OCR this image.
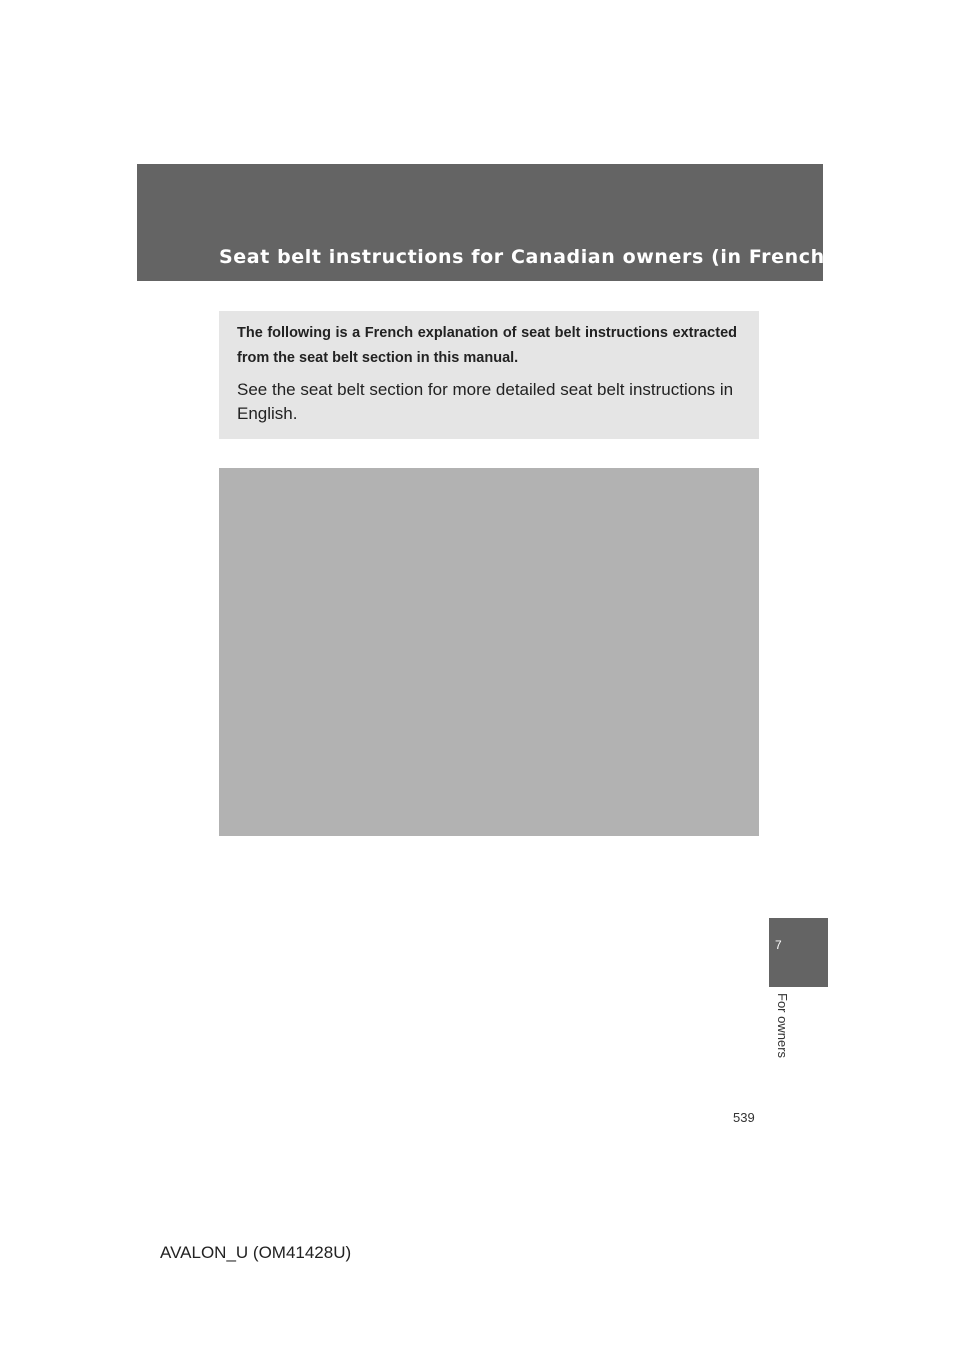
Seat belt instructions for Canadian owners (in French)

The following is a French explanation of seat belt instructions extracted from the seat belt section in this manual.

See the seat belt section for more detailed seat belt instructions in English.

7
For owners
539
AVALON_U (OM41428U)
